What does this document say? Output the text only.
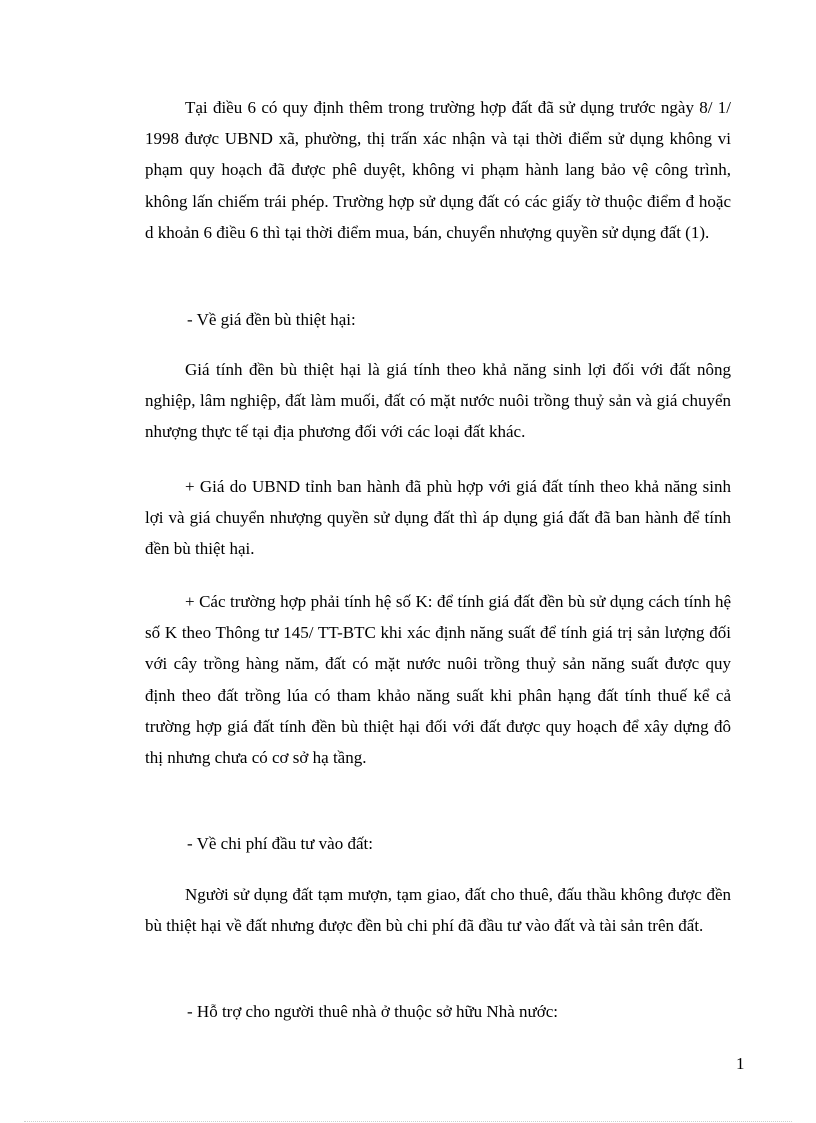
Tại điều 6 có quy định thêm trong trường hợp đất đã sử dụng trước ngày 8/ 1/ 1998 được UBND xã, phường, thị trấn xác nhận và tại thời điểm sử dụng không vi phạm quy hoạch đã được phê duyệt, không vi phạm hành lang bảo vệ công trình, không lấn chiếm trái phép. Trường hợp sử dụng đất có các giấy tờ thuộc điểm đ hoặc d khoản 6 điều 6 thì tại thời điểm mua, bán, chuyển nhượng quyền sử dụng đất (1).

- Về giá đền bù thiệt hại:

Giá tính đền bù thiệt hại là giá tính theo khả năng sinh lợi đối với đất nông nghiệp, lâm nghiệp, đất làm muối, đất có mặt nước nuôi trồng thuỷ sản và giá chuyển nhượng thực tế tại địa phương đối với các loại đất khác.

+ Giá do UBND tỉnh ban hành đã phù hợp với giá đất tính theo khả năng sinh lợi và giá chuyển nhượng quyền sử dụng đất thì áp dụng giá đất đã ban hành để tính đền bù thiệt hại.

+ Các trường hợp phải tính hệ số K: để tính giá đất đền bù sử dụng cách tính hệ số K theo Thông tư 145/ TT-BTC khi xác định năng suất để tính giá trị sản lượng đối với cây trồng hàng năm, đất có mặt nước nuôi trồng thuỷ sản năng suất được quy định theo đất trồng lúa có tham khảo năng suất khi phân hạng đất tính thuế kể cả trường hợp giá đất tính đền bù thiệt hại đối với đất được quy hoạch để xây dựng đô thị nhưng chưa có cơ sở hạ tầng.

- Về chi phí đầu tư vào đất:

Người sử dụng đất tạm mượn, tạm giao, đất cho thuê, đấu thầu không được đền bù thiệt hại về đất nhưng được đền bù chi phí đã đầu tư vào đất và tài sản trên đất.

- Hỗ trợ cho người thuê nhà ở thuộc sở hữu Nhà nước:

1
